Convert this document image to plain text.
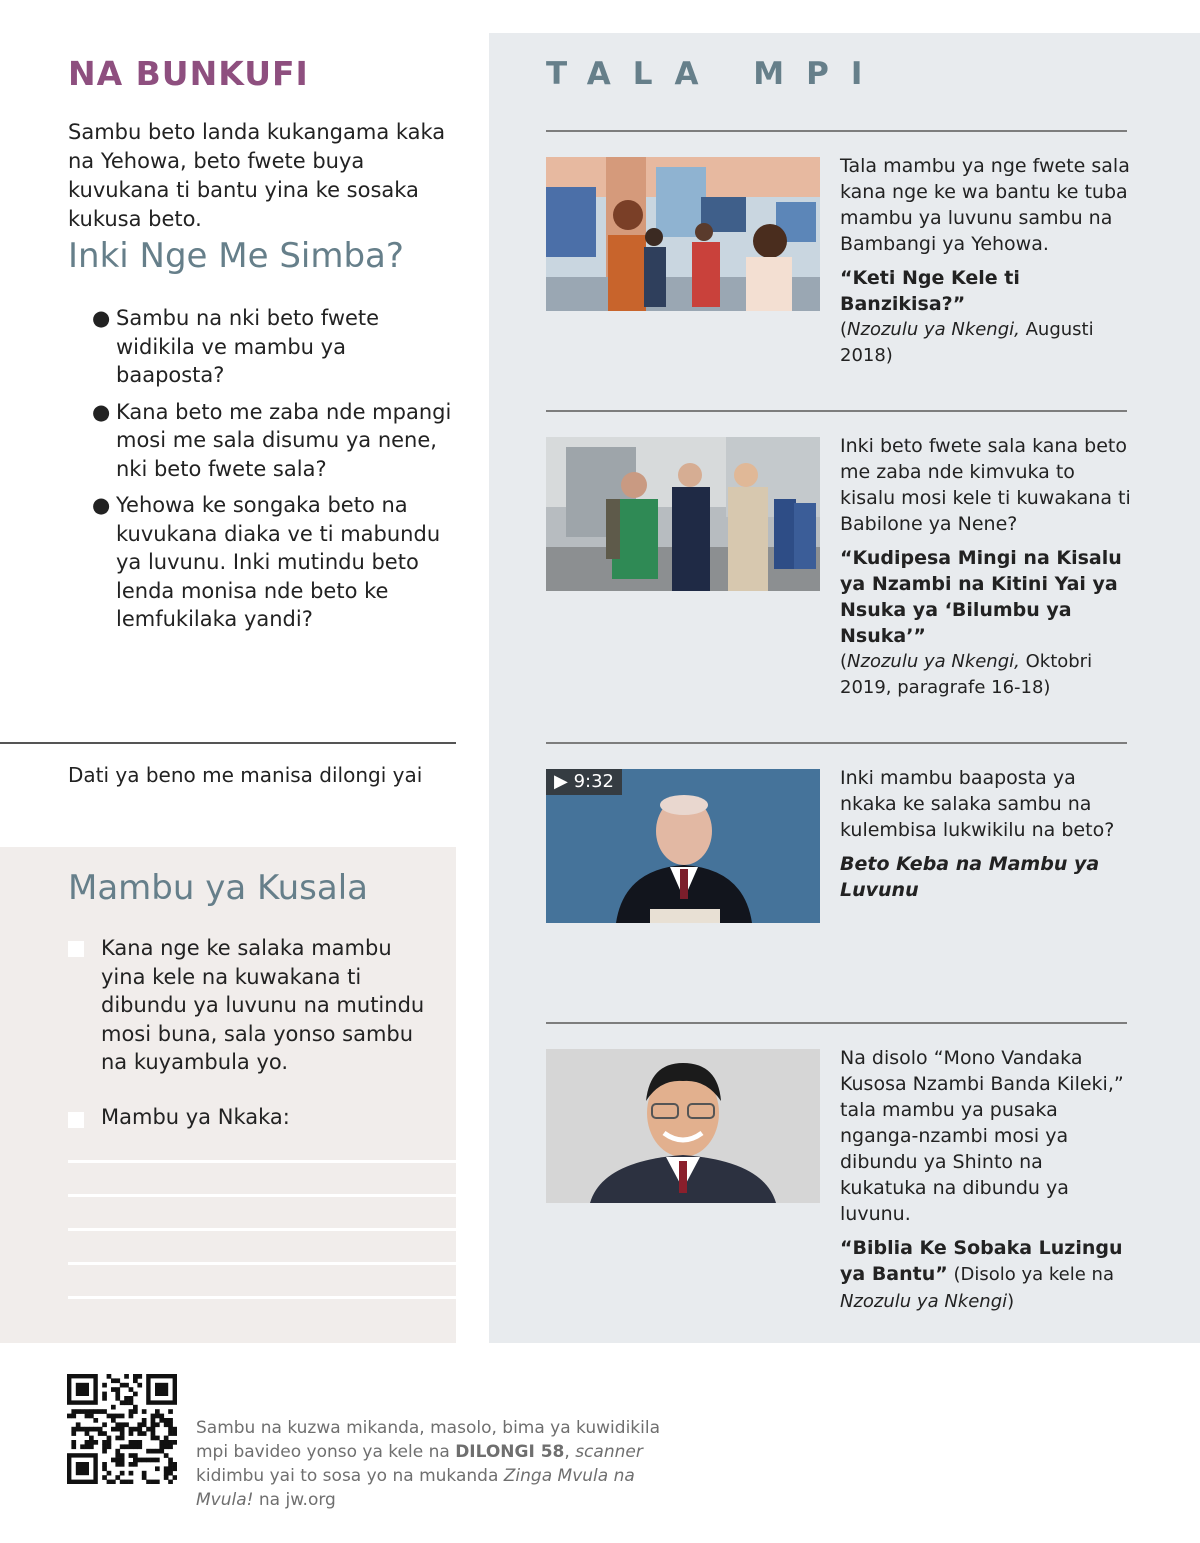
NA BUNKUFI
Sambu beto landa kukangama kaka na Yehowa, beto fwete buya kuvukana ti bantu yina ke sosaka kukusa beto.
Inki Nge Me Simba?
● Sambu na nki beto fwete widikila ve mambu ya baaposta?
● Kana beto me zaba nde mpangi mosi me sala disumu ya nene, nki beto fwete sala?
● Yehowa ke songaka beto na kuvukana diaka ve ti mabundu ya luvunu. Inki mutindu beto lenda monisa nde beto ke lemfukilaka yandi?
Dati ya beno me manisa dilongi yai
Mambu ya Kusala
Kana nge ke salaka mambu yina kele na kuwakana ti dibundu ya luvunu na mutindu mosi buna, sala yonso sambu na kuyambula yo.
Mambu ya Nkaka:
TALA MPI
Tala mambu ya nge fwete sala kana nge ke wa bantu ke tuba mambu ya luvunu sambu na Bambangi ya Yehowa.
“Keti Nge Kele ti Banzikisa?”
(Nzozulu ya Nkengi, Augusti 2018)
Inki beto fwete sala kana beto me zaba nde kimvuka to kisalu mosi kele ti kuwakana ti Babilone ya Nene?
“Kudipesa Mingi na Kisalu ya Nzambi na Kitini Yai ya Nsuka ya ‘Bilumbu ya Nsuka’”
(Nzozulu ya Nkengi, Oktobri 2019, paragrafe 16-18)
▶ 9:32	Inki mambu baaposta ya nkaka ke salaka sambu na kulembisa lukwikilu na beto?
Beto Keba na Mambu ya Luvunu
Na disolo “Mono Vandaka Kusosa Nzambi Banda Kileki,” tala mambu ya pusaka nganga-nzambi mosi ya dibundu ya Shinto na kukatuka na dibundu ya luvunu.
“Biblia Ke Sobaka Luzingu ya Bantu” (Disolo ya kele na Nzozulu ya Nkengi)
Sambu na kuzwa mikanda, masolo, bima ya kuwidikila mpi bavideo yonso ya kele na DILONGI 58, scanner kidimbu yai to sosa yo na mukanda Zinga Mvula na Mvula! na jw.org
